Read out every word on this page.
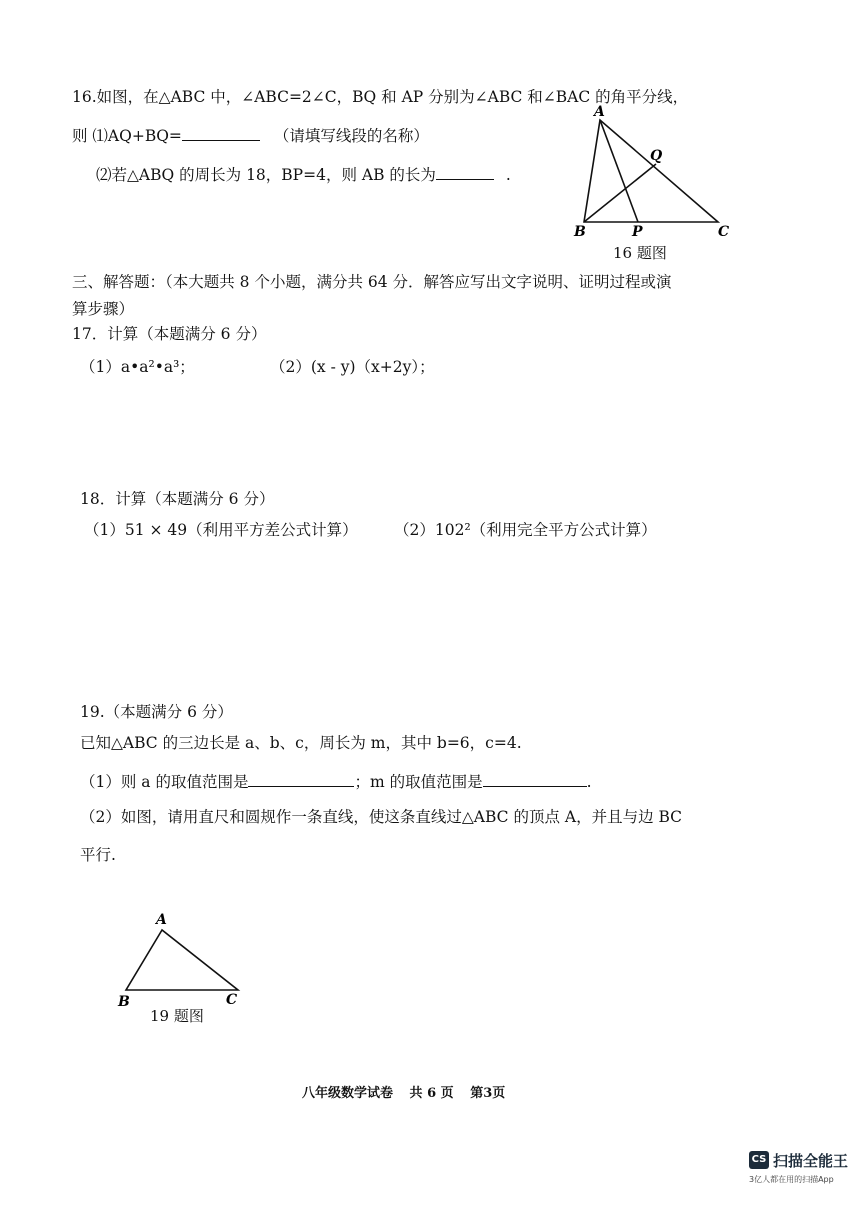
16.如图，在△ABC 中，∠ABC=2∠C，BQ 和 AP 分别为∠ABC 和∠BAC 的角平分线，
则 ⑴AQ+BQ=	（请填写线段的名称）
⑵若△ABQ 的周长为 18，BP=4，则 AB 的长为	.
A
Q
B	P	C
16 题图
三、解答题：（本大题共 8 个小题，满分共 64 分．解答应写出文字说明、证明过程或演
算步骤）
17．计算（本题满分 6 分）
（1）a•a²•a³；	（2）(x - y)（x+2y）；
18．计算（本题满分 6 分）
（1）51 × 49（利用平方差公式计算） （2）102²（利用完全平方公式计算）
19.（本题满分 6 分）
已知△ABC 的三边长是 a、b、c，周长为 m，其中 b=6，c=4.
（1）则 a 的取值范围是	；m 的取值范围是	.
（2）如图，请用直尺和圆规作一条直线，使这条直线过△ABC 的顶点 A，并且与边 BC
平行.
A
B	C
19 题图
八年级数学试卷 共 6 页 第3页
CS 扫描全能王
3亿人都在用的扫描App
